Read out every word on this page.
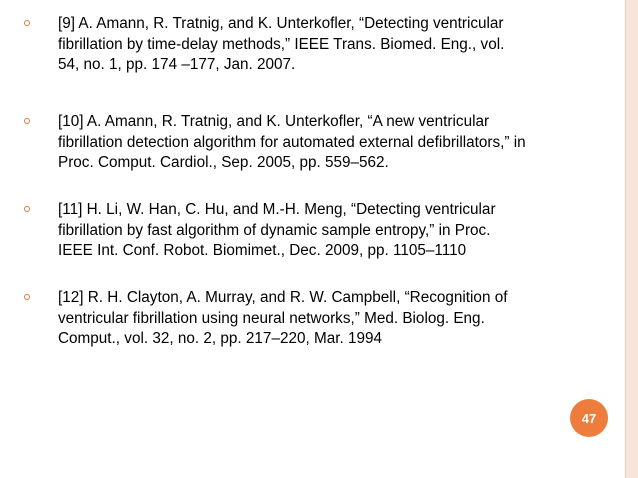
[9] A. Amann, R. Tratnig, and K. Unterkofler, “Detecting ventricular
fibrillation by time-delay methods,” IEEE Trans. Biomed. Eng., vol.
54, no. 1, pp. 174 –177, Jan. 2007.
[10] A. Amann, R. Tratnig, and K. Unterkofler, “A new ventricular
fibrillation detection algorithm for automated external defibrillators,” in
Proc. Comput. Cardiol., Sep. 2005, pp. 559–562.
[11] H. Li, W. Han, C. Hu, and M.-H. Meng, “Detecting ventricular
fibrillation by fast algorithm of dynamic sample entropy,” in Proc.
IEEE Int. Conf. Robot. Biomimet., Dec. 2009, pp. 1105–1110
[12] R. H. Clayton, A. Murray, and R. W. Campbell, “Recognition of
ventricular fibrillation using neural networks,” Med. Biolog. Eng.
Comput., vol. 32, no. 2, pp. 217–220, Mar. 1994
47
